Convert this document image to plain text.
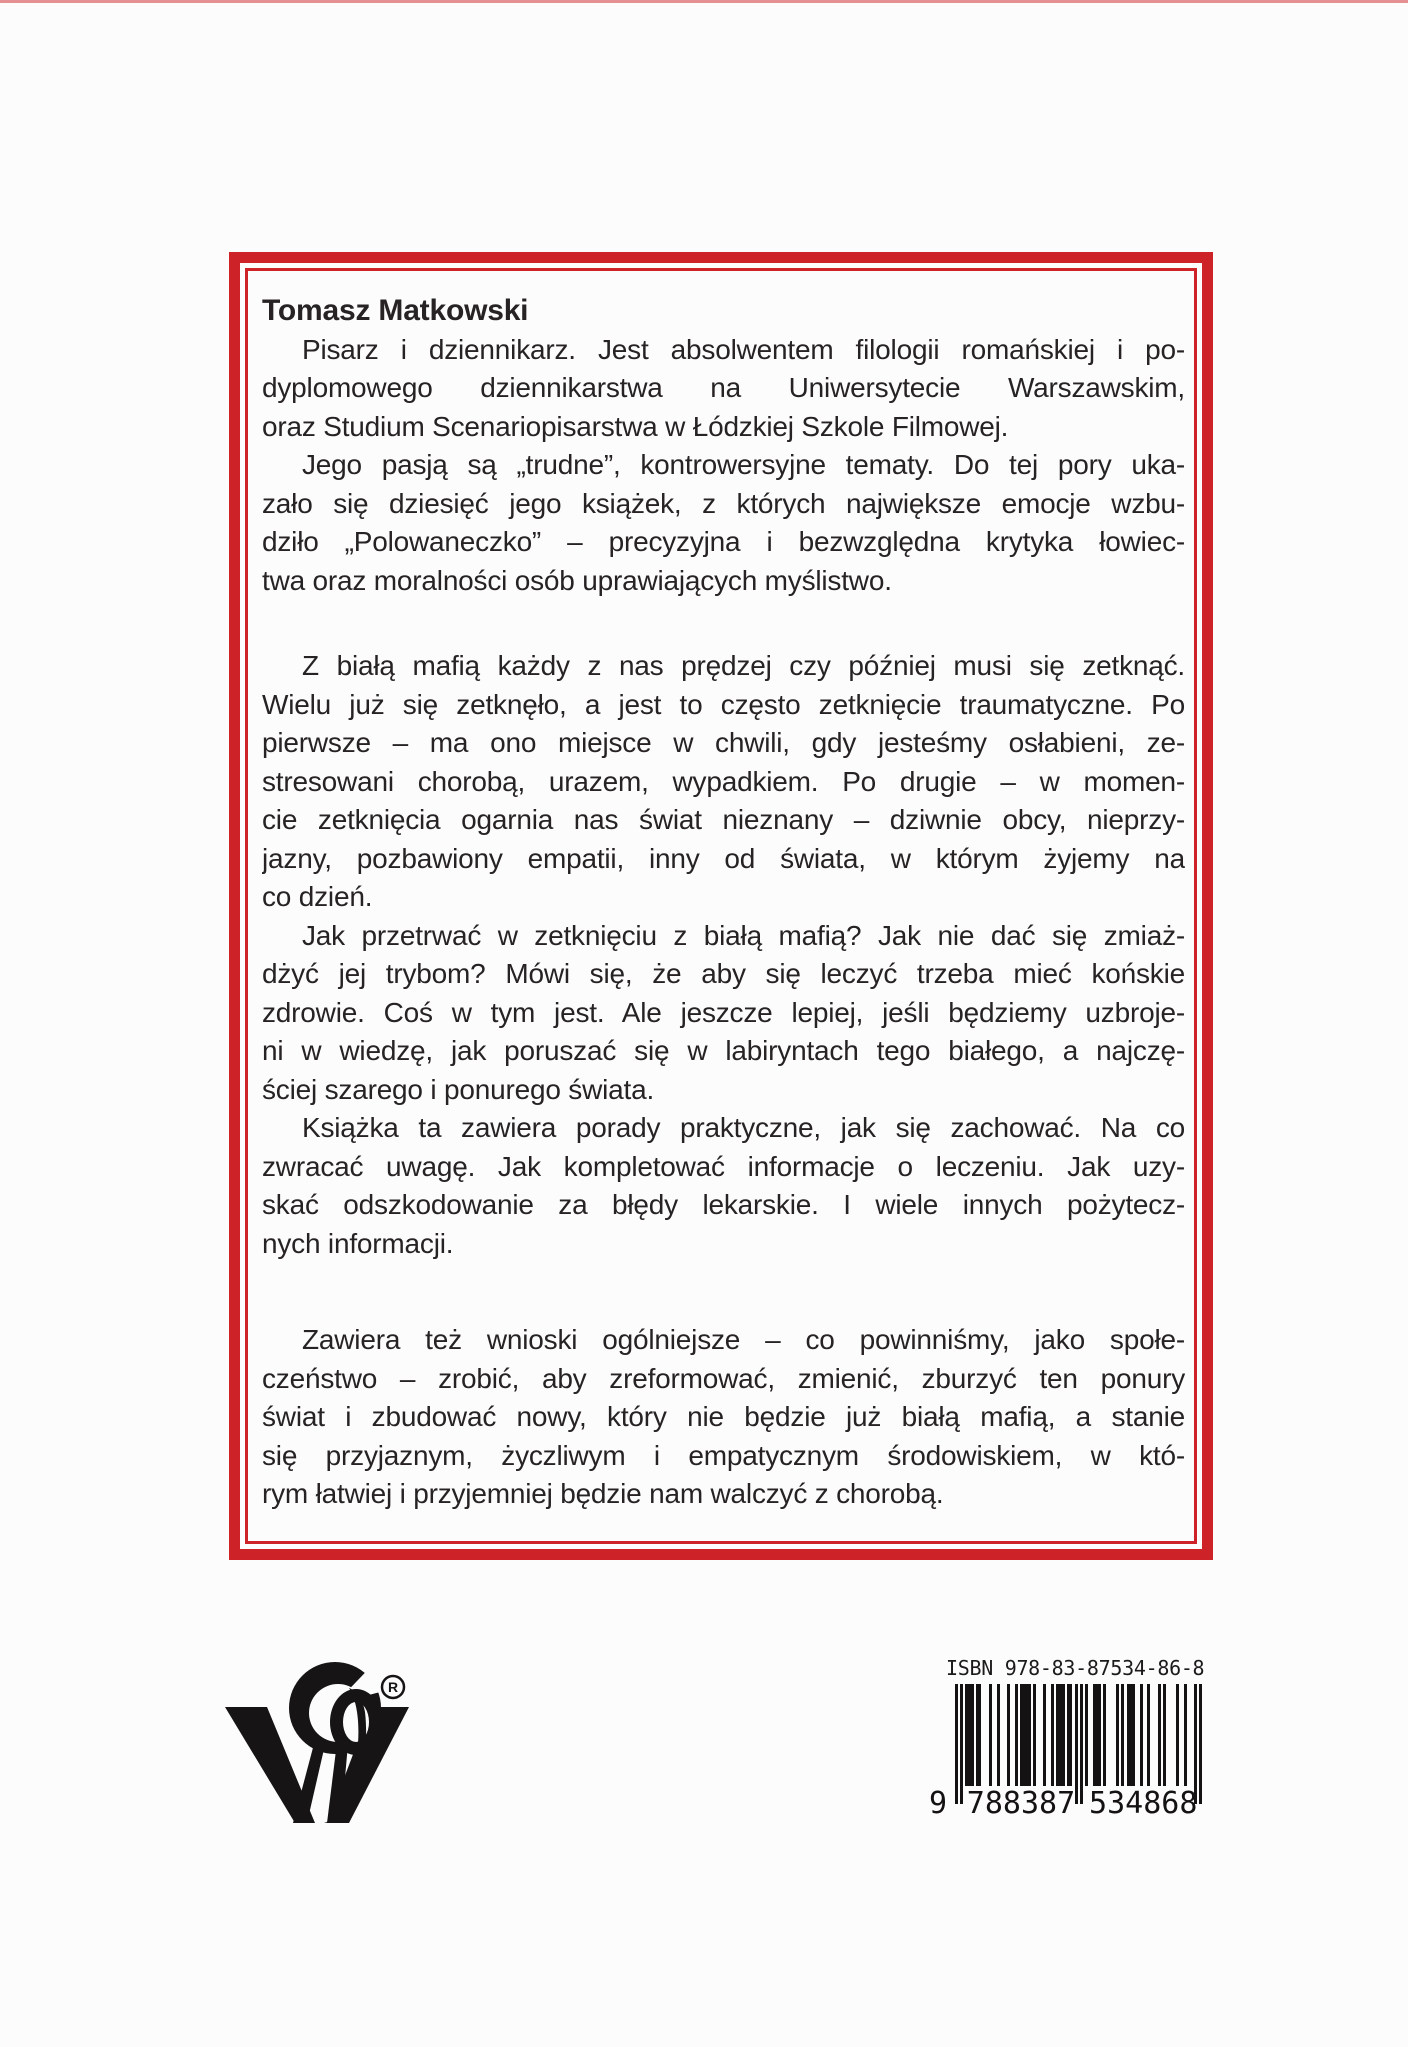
Tomasz Matkowski
Pisarz i dziennikarz. Jest absolwentem filologii romańskiej i po-
dyplomowego dziennikarstwa na Uniwersytecie Warszawskim,
oraz Studium Scenariopisarstwa w Łódzkiej Szkole Filmowej.
Jego pasją są „trudne”, kontrowersyjne tematy. Do tej pory uka-
zało się dziesięć jego książek, z których największe emocje wzbu-
dziło „Polowaneczko” – precyzyjna i bezwzględna krytyka łowiec-
twa oraz moralności osób uprawiających myślistwo.
Z białą mafią każdy z nas prędzej czy później musi się zetknąć.
Wielu już się zetknęło, a jest to często zetknięcie traumatyczne. Po
pierwsze – ma ono miejsce w chwili, gdy jesteśmy osłabieni, ze-
stresowani chorobą, urazem, wypadkiem. Po drugie – w momen-
cie zetknięcia ogarnia nas świat nieznany – dziwnie obcy, nieprzy-
jazny, pozbawiony empatii, inny od świata, w którym żyjemy na
co dzień.
Jak przetrwać w zetknięciu z białą mafią? Jak nie dać się zmiaż-
dżyć jej trybom? Mówi się, że aby się leczyć trzeba mieć końskie
zdrowie. Coś w tym jest. Ale jeszcze lepiej, jeśli będziemy uzbroje-
ni w wiedzę, jak poruszać się w labiryntach tego białego, a najczę-
ściej szarego i ponurego świata.
Książka ta zawiera porady praktyczne, jak się zachować. Na co
zwracać uwagę. Jak kompletować informacje o leczeniu. Jak uzy-
skać odszkodowanie za błędy lekarskie. I wiele innych pożytecz-
nych informacji.
Zawiera też wnioski ogólniejsze – co powinniśmy, jako społe-
czeństwo – zrobić, aby zreformować, zmienić, zburzyć ten ponury
świat i zbudować nowy, który nie będzie już białą mafią, a stanie
się przyjaznym, życzliwym i empatycznym środowiskiem, w któ-
rym łatwiej i przyjemniej będzie nam walczyć z chorobą.
R
ISBN 978-83-87534-86-8
9 7 8 8 3 8 7 5 3 4 8 6 8
